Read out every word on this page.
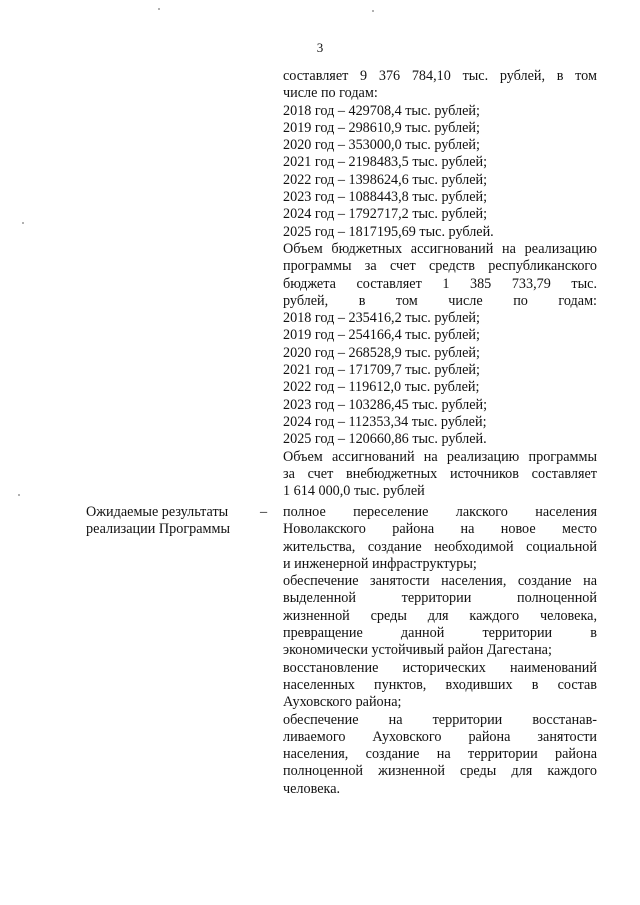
3
составляет 9 376 784,10 тыс. рублей, в том
числе по годам:
2018 год – 429708,4 тыс. рублей;
2019 год – 298610,9 тыс. рублей;
2020 год – 353000,0 тыс. рублей;
2021 год – 2198483,5 тыс. рублей;
2022 год – 1398624,6 тыс. рублей;
2023 год – 1088443,8 тыс. рублей;
2024 год – 1792717,2 тыс. рублей;
2025 год – 1817195,69 тыс. рублей.
Объем бюджетных ассигнований на реализацию
программы за счет средств республиканского
бюджета составляет 1 385 733,79 тыс.
рублей, в том числе по годам:
2018 год – 235416,2 тыс. рублей;
2019 год – 254166,4 тыс. рублей;
2020 год – 268528,9 тыс. рублей;
2021 год – 171709,7 тыс. рублей;
2022 год – 119612,0 тыс. рублей;
2023 год – 103286,45 тыс. рублей;
2024 год – 112353,34 тыс. рублей;
2025 год – 120660,86 тыс. рублей.
Объем ассигнований на реализацию программы
за счет внебюджетных источников составляет
1 614 000,0 тыс. рублей
Ожидаемые результаты
реализации Программы
– полное переселение лакского населения
Новолакского района на новое место
жительства, создание необходимой социальной
и инженерной инфраструктуры;
обеспечение занятости населения, создание на
выделенной территории полноценной
жизненной среды для каждого человека,
превращение данной территории в
экономически устойчивый район Дагестана;
восстановление исторических наименований
населенных пунктов, входивших в состав
Ауховского района;
обеспечение на территории восстанав-
ливаемого Ауховского района занятости
населения, создание на территории района
полноценной жизненной среды для каждого
человека.
